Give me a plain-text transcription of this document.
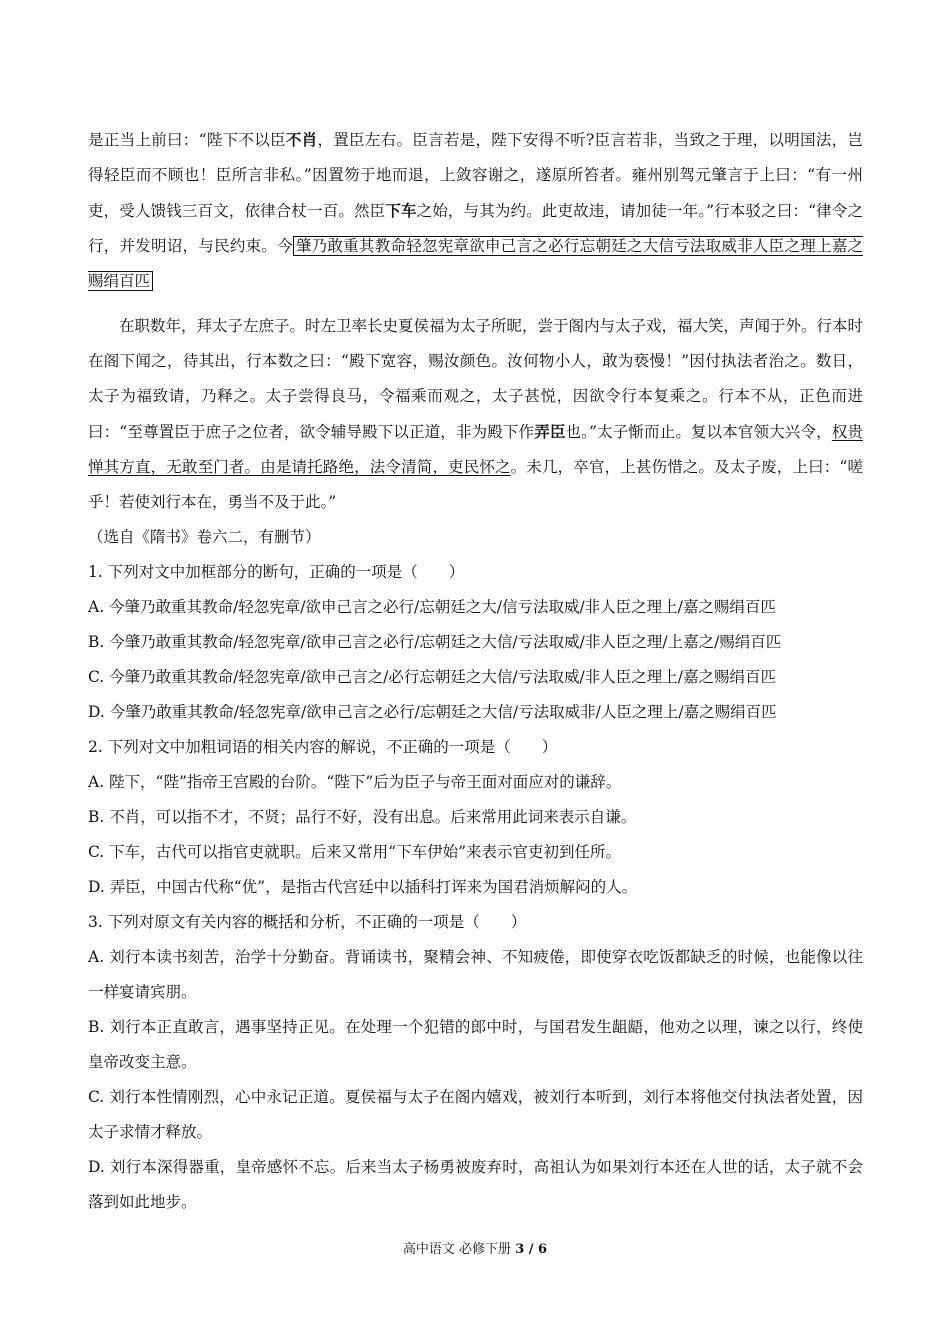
是正当上前曰：“陛下不以臣不肖，置臣左右。臣言若是，陛下安得不听?臣言若非，当致之于理，以明国法，岂得轻臣而不顾也！臣所言非私。”因置笏于地而退，上敛容谢之，遂原所笞者。雍州别驾元肇言于上曰：“有一州吏，受人馈钱三百文，依律合杖一百。然臣下车之始，与其为约。此吏故违，请加徒一年。”行本驳之曰：“律令之行，并发明诏，与民约束。今 肇乃敢重其教命轻忽宪章欲申己言之必行忘朝廷之大信亏法取威非人臣之理上嘉之赐绢百匹

在职数年，拜太子左庶子。时左卫率长史夏侯福为太子所昵，尝于阁内与太子戏，福大笑，声闻于外。行本时在阁下闻之，待其出，行本数之曰：“殿下宽容，赐汝颜色。汝何物小人，敢为亵慢！”因付执法者治之。数日，太子为福致请，乃释之。太子尝得良马，令福乘而观之，太子甚悦，因欲令行本复乘之。行本不从，正色而进曰：“至尊置臣于庶子之位者，欲令辅导殿下以正道，非为殿下作弄臣也。”太子惭而止。复以本官领大兴令，权贵惮其方直，无敢至门者。由是请托路绝，法令清简，吏民怀之。未几，卒官，上甚伤惜之。及太子废，上曰：“嗟乎！若使刘行本在，勇当不及于此。”

（选自《隋书》卷六二，有删节）

1. 下列对文中加框部分的断句，正确的一项是（　　）

A. 今肇乃敢重其教命/轻忽宪章/欲申己言之必行/忘朝廷之大/信亏法取威/非人臣之理上/嘉之赐绢百匹

B. 今肇乃敢重其教命/轻忽宪章/欲申己言之必行/忘朝廷之大信/亏法取威/非人臣之理/上嘉之/赐绢百匹

C. 今肇乃敢重其教命/轻忽宪章/欲申己言之/必行忘朝廷之大信/亏法取威/非人臣之理上/嘉之赐绢百匹

D. 今肇乃敢重其教命/轻忽宪章/欲申己言之必行/忘朝廷之大信/亏法取威非/人臣之理上/嘉之赐绢百匹

2. 下列对文中加粗词语的相关内容的解说，不正确的一项是（　　）

A. 陛下，“陛”指帝王宫殿的台阶。“陛下”后为臣子与帝王面对面应对的谦辞。

B. 不肖，可以指不才，不贤；品行不好，没有出息。后来常用此词来表示自谦。

C. 下车，古代可以指官吏就职。后来又常用“下车伊始”来表示官吏初到任所。

D. 弄臣，中国古代称“优”，是指古代宫廷中以插科打诨来为国君消烦解闷的人。

3. 下列对原文有关内容的概括和分析，不正确的一项是（　　）

A. 刘行本读书刻苦，治学十分勤奋。背诵读书，聚精会神、不知疲倦，即使穿衣吃饭都缺乏的时候，也能像以往一样宴请宾朋。

B. 刘行本正直敢言，遇事坚持正见。在处理一个犯错的郎中时，与国君发生龃龉，他劝之以理，谏之以行，终使皇帝改变主意。

C. 刘行本性情刚烈，心中永记正道。夏侯福与太子在阁内嬉戏，被刘行本听到，刘行本将他交付执法者处置，因太子求情才释放。

D. 刘行本深得器重，皇帝感怀不忘。后来当太子杨勇被废弃时，高祖认为如果刘行本还在人世的话，太子就不会落到如此地步。

高中语文 必修下册 3 / 6
